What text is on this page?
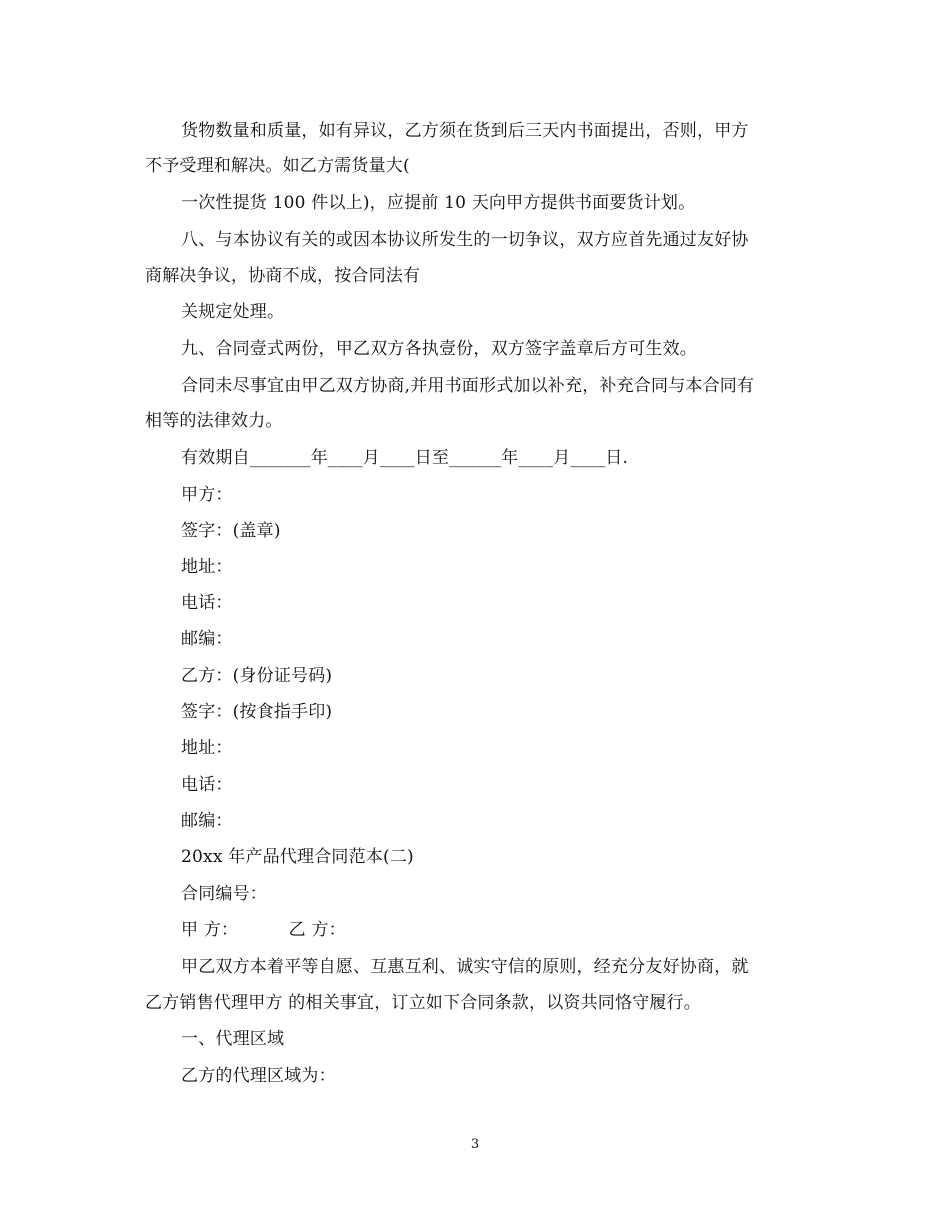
货物数量和质量，如有异议，乙方须在货到后三天内书面提出，否则，甲方
不予受理和解决。如乙方需货量大(
一次性提货 100 件以上)，应提前 10 天向甲方提供书面要货计划。
八、与本协议有关的或因本协议所发生的一切争议，双方应首先通过友好协
商解决争议，协商不成，按合同法有
关规定处理。
九、合同壹式两份，甲乙双方各执壹份，双方签字盖章后方可生效。
合同未尽事宜由甲乙双方协商,并用书面形式加以补充，补充合同与本合同有
相等的法律效力。
有效期自_______年____月____日至______年____月____日.
甲方：
签字：(盖章)
地址：
电话：
邮编：
乙方：(身份证号码)
签字：(按食指手印)
地址：
电话：
邮编：
20xx 年产品代理合同范本(二)
合同编号：
甲 方：         乙 方：
甲乙双方本着平等自愿、互惠互利、诚实守信的原则，经充分友好协商，就
乙方销售代理甲方 的相关事宜，订立如下合同条款，以资共同恪守履行。
一、代理区域
乙方的代理区域为：
3
